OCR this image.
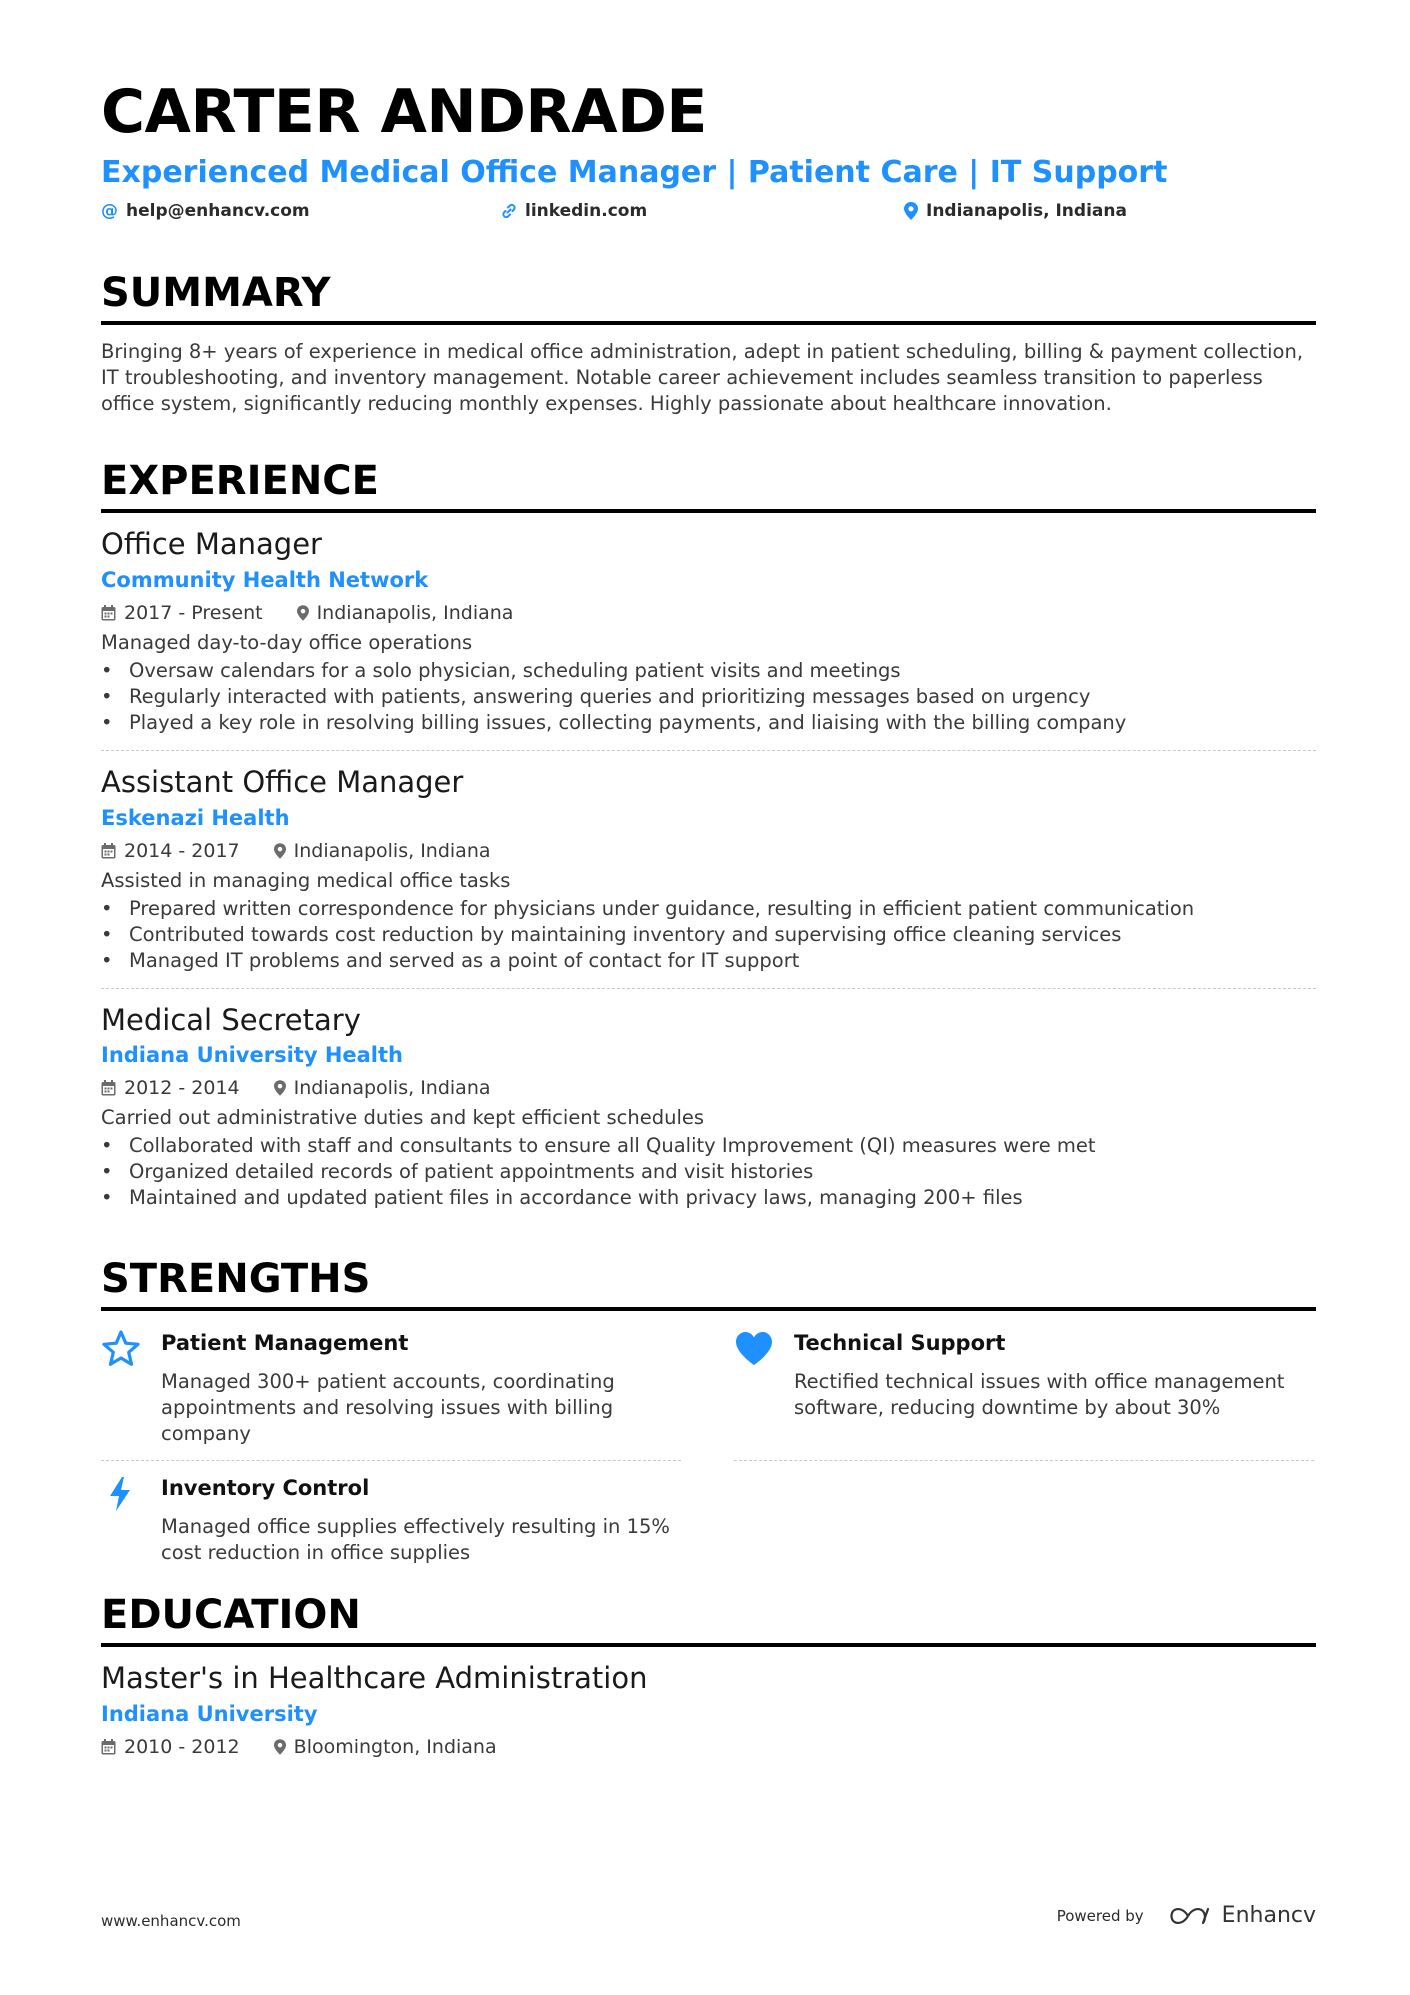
CARTER ANDRADE
Experienced Medical Office Manager | Patient Care | IT Support
@ help@enhancv.com	linkedin.com	Indianapolis, Indiana
SUMMARY
Bringing 8+ years of experience in medical office administration, adept in patient scheduling, billing & payment collection, IT troubleshooting, and inventory management. Notable career achievement includes seamless transition to paperless office system, significantly reducing monthly expenses. Highly passionate about healthcare innovation.
EXPERIENCE
Office Manager
Community Health Network
2017 - Present	Indianapolis, Indiana
Managed day-to-day office operations
• Oversaw calendars for a solo physician, scheduling patient visits and meetings
• Regularly interacted with patients, answering queries and prioritizing messages based on urgency
• Played a key role in resolving billing issues, collecting payments, and liaising with the billing company
Assistant Office Manager
Eskenazi Health
2014 - 2017	Indianapolis, Indiana
Assisted in managing medical office tasks
• Prepared written correspondence for physicians under guidance, resulting in efficient patient communication
• Contributed towards cost reduction by maintaining inventory and supervising office cleaning services
• Managed IT problems and served as a point of contact for IT support
Medical Secretary
Indiana University Health
2012 - 2014	Indianapolis, Indiana
Carried out administrative duties and kept efficient schedules
• Collaborated with staff and consultants to ensure all Quality Improvement (QI) measures were met
• Organized detailed records of patient appointments and visit histories
• Maintained and updated patient files in accordance with privacy laws, managing 200+ files
STRENGTHS
Patient Management
Managed 300+ patient accounts, coordinating appointments and resolving issues with billing company
Technical Support
Rectified technical issues with office management software, reducing downtime by about 30%
Inventory Control
Managed office supplies effectively resulting in 15% cost reduction in office supplies
EDUCATION
Master's in Healthcare Administration
Indiana University
2010 - 2012	Bloomington, Indiana
www.enhancv.com	Powered by	Enhancv
